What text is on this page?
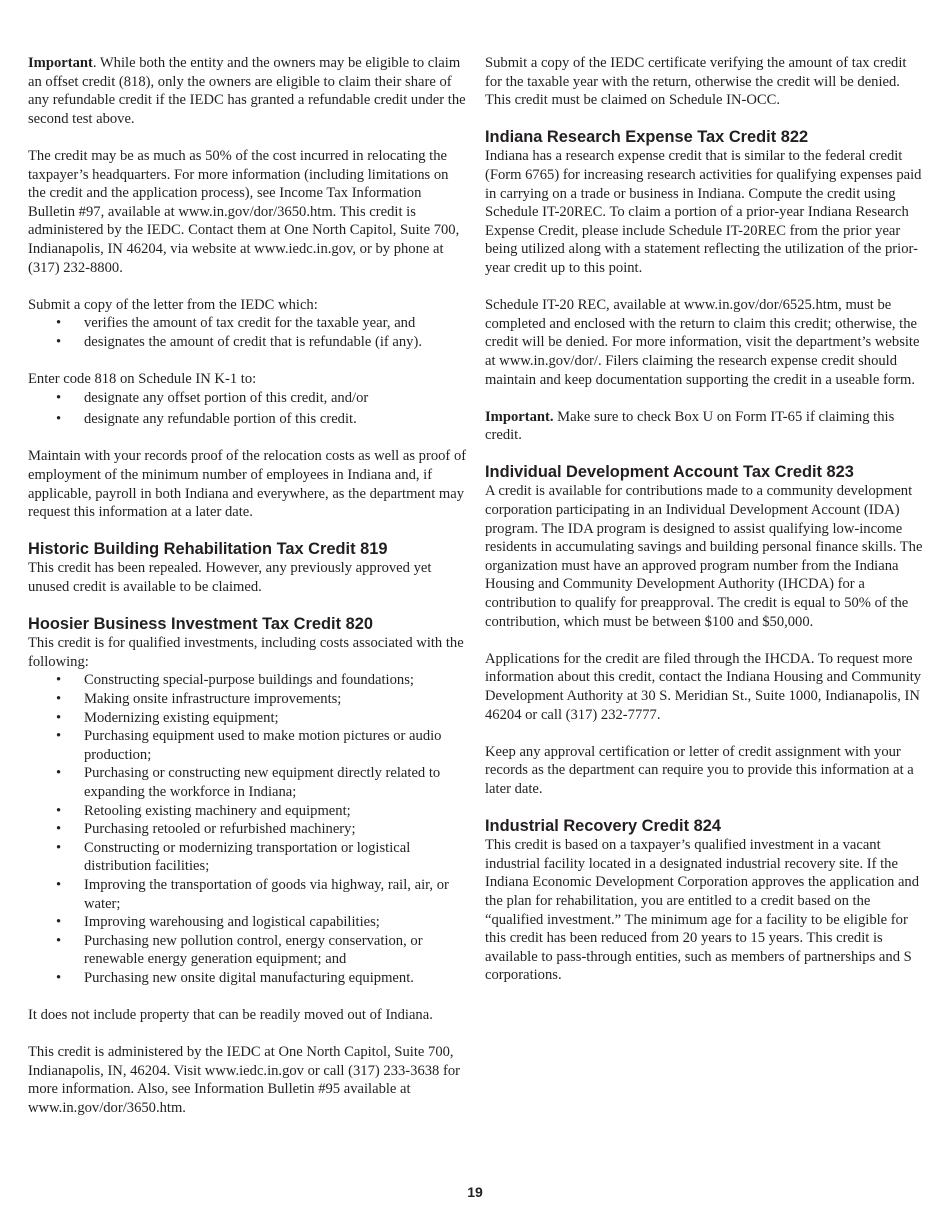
Important. While both the entity and the owners may be eligible to claim an offset credit (818), only the owners are eligible to claim their share of any refundable credit if the IEDC has granted a refundable credit under the second test above.

The credit may be as much as 50% of the cost incurred in relocating the taxpayer’s headquarters. For more information (including limitations on the credit and the application process), see Income Tax Information Bulletin #97, available at www.in.gov/dor/3650.htm. This credit is administered by the IEDC. Contact them at One North Capitol, Suite 700, Indianapolis, IN 46204, via website at www.iedc.in.gov, or by phone at (317) 232-8800.

Submit a copy of the letter from the IEDC which:

• verifies the amount of tax credit for the taxable year, and
• designates the amount of credit that is refundable (if any).

Enter code 818 on Schedule IN K-1 to:

• designate any offset portion of this credit, and/or
• designate any refundable portion of this credit.

Maintain with your records proof of the relocation costs as well as proof of employment of the minimum number of employees in Indiana and, if applicable, payroll in both Indiana and everywhere, as the department may request this information at a later date.

Historic Building Rehabilitation Tax Credit 819

This credit has been repealed. However, any previously approved yet unused credit is available to be claimed.

Hoosier Business Investment Tax Credit 820

This credit is for qualified investments, including costs associated with the following:

• Constructing special-purpose buildings and foundations;
• Making onsite infrastructure improvements;
• Modernizing existing equipment;
• Purchasing equipment used to make motion pictures or audio production;
• Purchasing or constructing new equipment directly related to expanding the workforce in Indiana;
• Retooling existing machinery and equipment;
• Purchasing retooled or refurbished machinery;
• Constructing or modernizing transportation or logistical distribution facilities;
• Improving the transportation of goods via highway, rail, air, or water;
• Improving warehousing and logistical capabilities;
• Purchasing new pollution control, energy conservation, or renewable energy generation equipment; and
• Purchasing new onsite digital manufacturing equipment.

It does not include property that can be readily moved out of Indiana.

This credit is administered by the IEDC at One North Capitol, Suite 700, Indianapolis, IN, 46204. Visit www.iedc.in.gov or call (317) 233-3638 for more information. Also, see Information Bulletin #95 available at www.in.gov/dor/3650.htm.

Submit a copy of the IEDC certificate verifying the amount of tax credit for the taxable year with the return, otherwise the credit will be denied. This credit must be claimed on Schedule IN-OCC.

Indiana Research Expense Tax Credit 822

Indiana has a research expense credit that is similar to the federal credit (Form 6765) for increasing research activities for qualifying expenses paid in carrying on a trade or business in Indiana. Compute the credit using Schedule IT-20REC. To claim a portion of a prior-year Indiana Research Expense Credit, please include Schedule IT-20REC from the prior year being utilized along with a statement reflecting the utilization of the prior-year credit up to this point.

Schedule IT-20 REC, available at www.in.gov/dor/6525.htm, must be completed and enclosed with the return to claim this credit; otherwise, the credit will be denied. For more information, visit the department’s website at www.in.gov/dor/. Filers claiming the research expense credit should maintain and keep documentation supporting the credit in a useable form.

Important. Make sure to check Box U on Form IT-65 if claiming this credit.

Individual Development Account Tax Credit 823

A credit is available for contributions made to a community development corporation participating in an Individual Development Account (IDA) program. The IDA program is designed to assist qualifying low-income residents in accumulating savings and building personal finance skills. The organization must have an approved program number from the Indiana Housing and Community Development Authority (IHCDA) for a contribution to qualify for preapproval. The credit is equal to 50% of the contribution, which must be between $100 and $50,000.

Applications for the credit are filed through the IHCDA. To request more information about this credit, contact the Indiana Housing and Community Development Authority at 30 S. Meridian St., Suite 1000, Indianapolis, IN 46204 or call (317) 232-7777.

Keep any approval certification or letter of credit assignment with your records as the department can require you to provide this information at a later date.

Industrial Recovery Credit 824

This credit is based on a taxpayer’s qualified investment in a vacant industrial facility located in a designated industrial recovery site. If the Indiana Economic Development Corporation approves the application and the plan for rehabilitation, you are entitled to a credit based on the “qualified investment.” The minimum age for a facility to be eligible for this credit has been reduced from 20 years to 15 years. This credit is available to pass-through entities, such as members of partnerships and S corporations.

19
